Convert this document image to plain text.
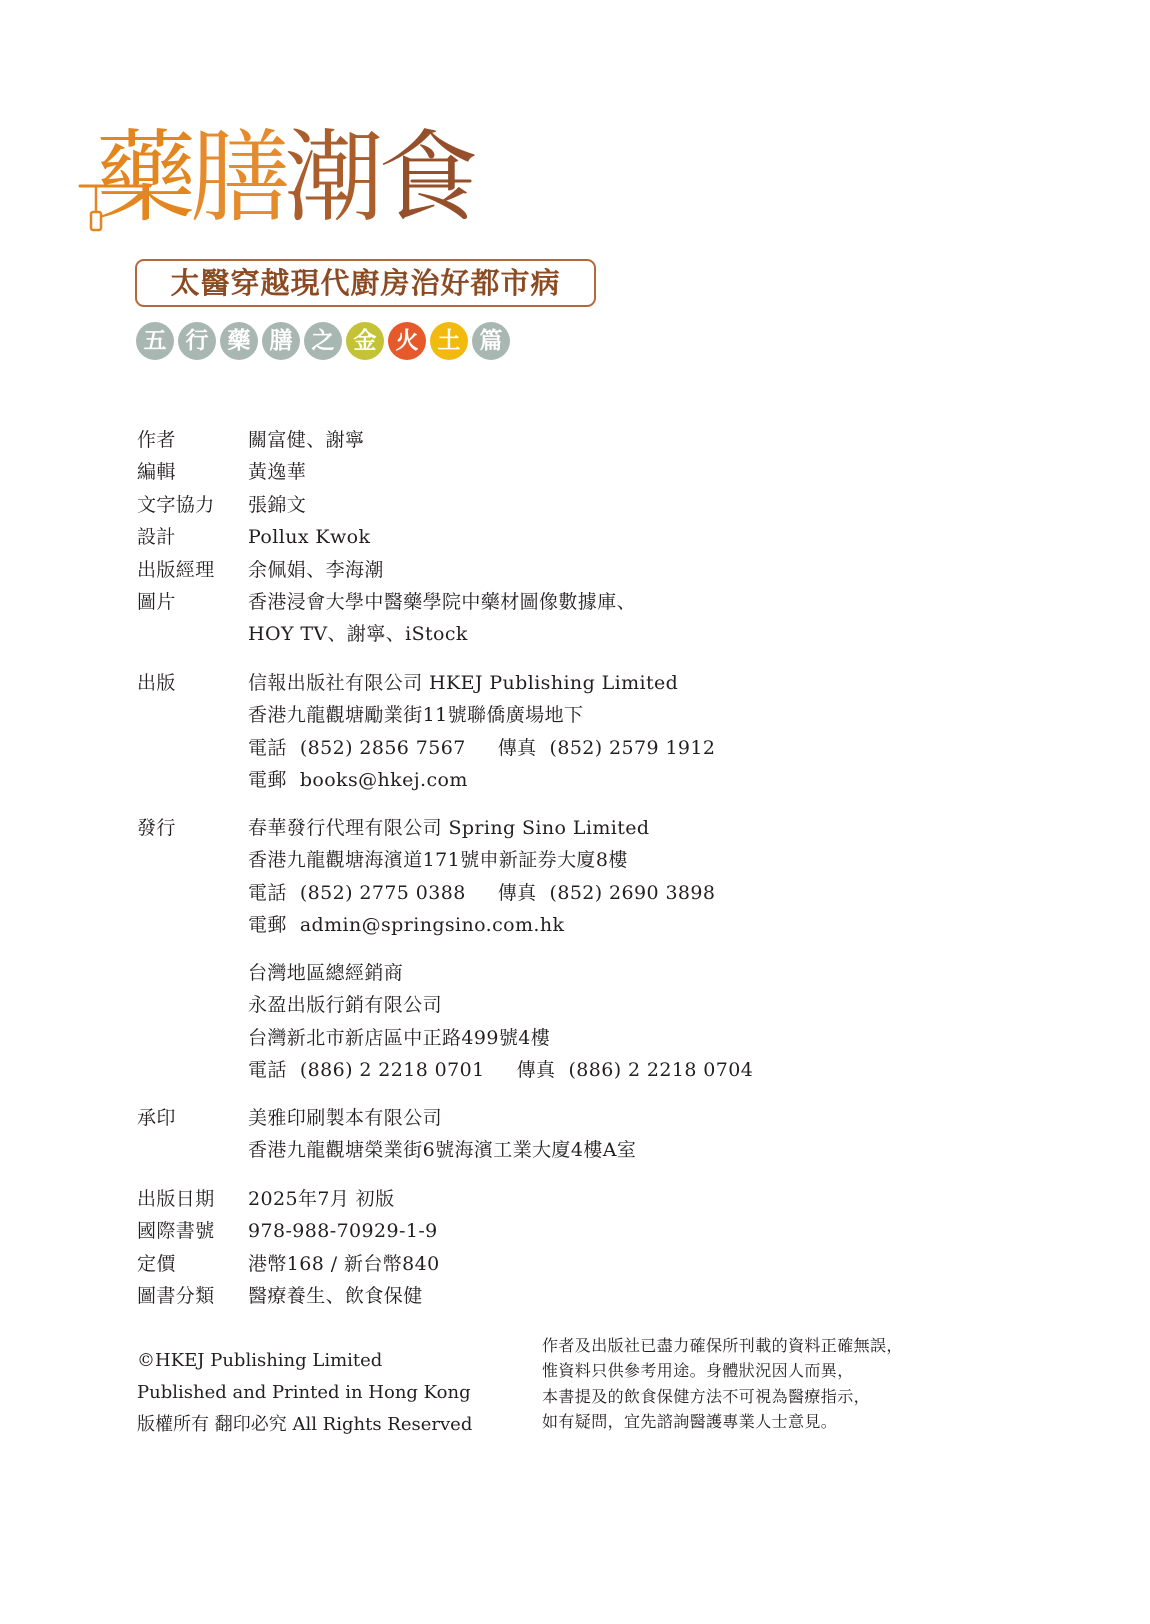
藥膳潮食
太醫穿越現代廚房治好都市病
五 行 藥 膳 之 金 火 土 篇
作者	關富健、謝寧
編輯	黃逸華
文字協力	張錦文
設計	Pollux Kwok
出版經理	余佩娟、李海潮
圖片	香港浸會大學中醫藥學院中藥材圖像數據庫、
HOY TV、謝寧、iStock
出版	信報出版社有限公司 HKEJ Publishing Limited
香港九龍觀塘勵業街11號聯僑廣場地下
電話 (852) 2856 7567 傳真 (852) 2579 1912
電郵 books@hkej.com
發行	春華發行代理有限公司 Spring Sino Limited
香港九龍觀塘海濱道171號申新証券大廈8樓
電話 (852) 2775 0388 傳真 (852) 2690 3898
電郵 admin@springsino.com.hk
台灣地區總經銷商
永盈出版行銷有限公司
台灣新北市新店區中正路499號4樓
電話 (886) 2 2218 0701 傳真 (886) 2 2218 0704
承印	美雅印刷製本有限公司
香港九龍觀塘榮業街6號海濱工業大廈4樓A室
出版日期	2025年7月 初版
國際書號	978-988-70929-1-9
定價	港幣168 / 新台幣840
圖書分類	醫療養生、飲食保健
©HKEJ Publishing Limited
Published and Printed in Hong Kong
版權所有 翻印必究 All Rights Reserved
作者及出版社已盡力確保所刊載的資料正確無誤，
惟資料只供參考用途。身體狀況因人而異，
本書提及的飲食保健方法不可視為醫療指示，
如有疑問，宜先諮詢醫護專業人士意見。
